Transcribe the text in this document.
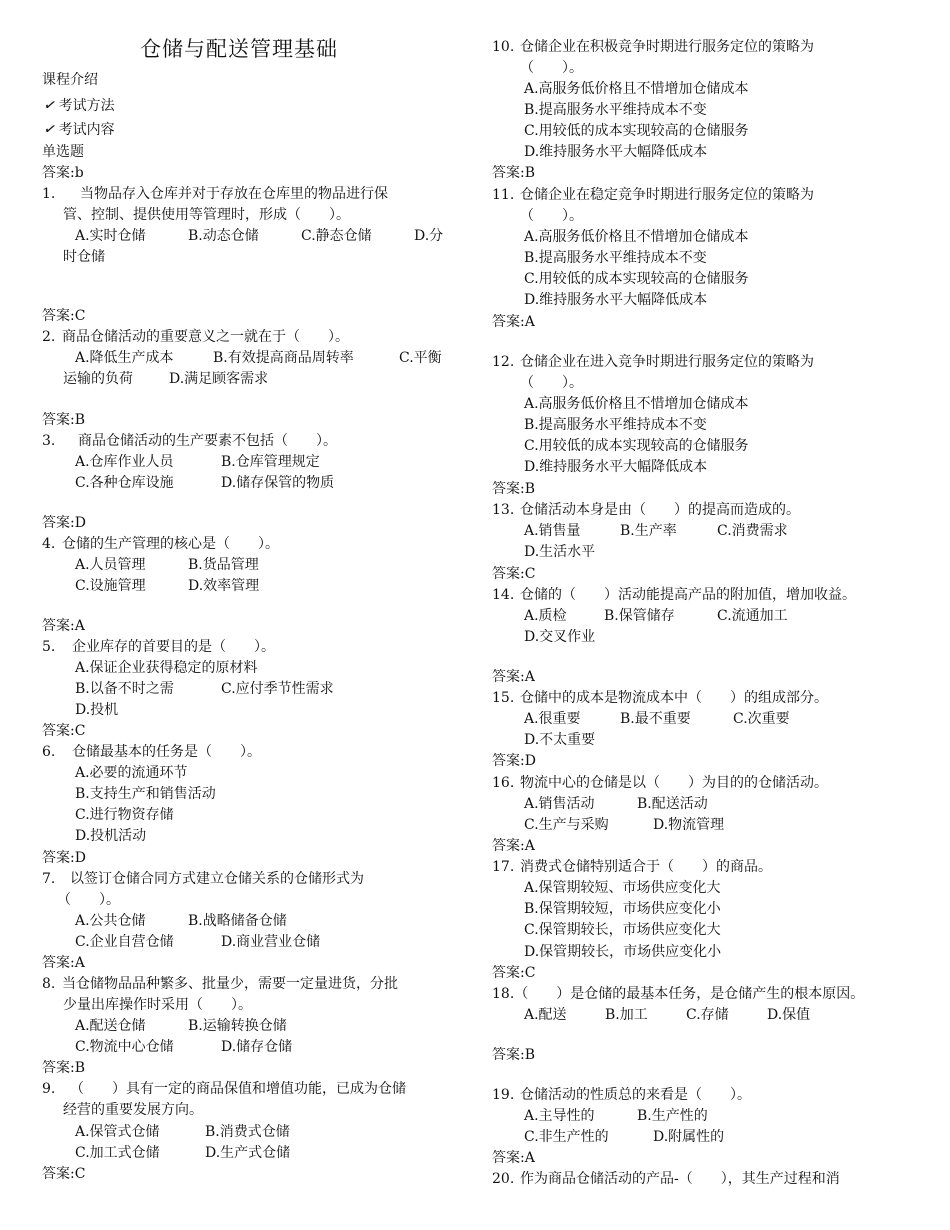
仓储与配送管理基础
课程介绍
✓考试方法
✓考试内容
单选题
答案:b
1. 当物品存入仓库并对于存放在仓库里的物品进行保
管、控制、提供使用等管理时，形成（　　）。
A.实时仓储	B.动态仓储	C.静态仓储	D.分
时仓储
答案:C
2. 商品仓储活动的重要意义之一就在于（　　）。
A.降低生产成本	B.有效提高商品周转率	C.平衡
运输的负荷	D.满足顾客需求
答案:B
3. 商品仓储活动的生产要素不包括（　　）。
A.仓库作业人员	B.仓库管理规定
C.各种仓库设施	D.储存保管的物质
答案:D
4. 仓储的生产管理的核心是（　　）。
A.人员管理	B.货品管理
C.设施管理	D.效率管理
答案:A
5. 企业库存的首要目的是（　　）。
A.保证企业获得稳定的原材料
B.以备不时之需	C.应付季节性需求
D.投机
答案:C
6. 仓储最基本的任务是（　　）。
A.必要的流通环节
B.支持生产和销售活动
C.进行物资存储
D.投机活动
答案:D
7. 以签订仓储合同方式建立仓储关系的仓储形式为
（　　）。
A.公共仓储	B.战略储备仓储
C.企业自营仓储	D.商业营业仓储
答案:A
8. 当仓储物品品种繁多、批量少，需要一定量进货，分批
少量出库操作时采用（　　）。
A.配送仓储	B.运输转换仓储
C.物流中心仓储	D.储存仓储
答案:B
9. （　　）具有一定的商品保值和增值功能，已成为仓储
经营的重要发展方向。
A.保管式仓储	B.消费式仓储
C.加工式仓储	D.生产式仓储
答案:C
10. 仓储企业在积极竞争时期进行服务定位的策略为
（　　）。
A.高服务低价格且不惜增加仓储成本
B.提高服务水平维持成本不变
C.用较低的成本实现较高的仓储服务
D.维持服务水平大幅降低成本
答案:B
11. 仓储企业在稳定竞争时期进行服务定位的策略为
（　　）。
A.高服务低价格且不惜增加仓储成本
B.提高服务水平维持成本不变
C.用较低的成本实现较高的仓储服务
D.维持服务水平大幅降低成本
答案:A
12. 仓储企业在进入竞争时期进行服务定位的策略为
（　　）。
A.高服务低价格且不惜增加仓储成本
B.提高服务水平维持成本不变
C.用较低的成本实现较高的仓储服务
D.维持服务水平大幅降低成本
答案:B
13. 仓储活动本身是由（　　）的提高而造成的。
A.销售量	B.生产率	C.消费需求
D.生活水平
答案:C
14. 仓储的（　　）活动能提高产品的附加值，增加收益。
A.质检	B.保管储存	C.流通加工
D.交叉作业
答案:A
15. 仓储中的成本是物流成本中（　　）的组成部分。
A.很重要	B.最不重要	C.次重要
D.不太重要
答案:D
16. 物流中心的仓储是以（　　）为目的的仓储活动。
A.销售活动	B.配送活动
C.生产与采购	D.物流管理
答案:A
17. 消费式仓储特别适合于（　　）的商品。
A.保管期较短、市场供应变化大
B.保管期较短，市场供应变化小
C.保管期较长，市场供应变化大
D.保管期较长，市场供应变化小
答案:C
18.（　　）是仓储的最基本任务，是仓储产生的根本原因。
A.配送	B.加工	C.存储	D.保值
答案:B
19. 仓储活动的性质总的来看是（　　）。
A.主导性的	B.生产性的
C.非生产性的	D.附属性的
答案:A
20. 作为商品仓储活动的产品-（　　），其生产过程和消
